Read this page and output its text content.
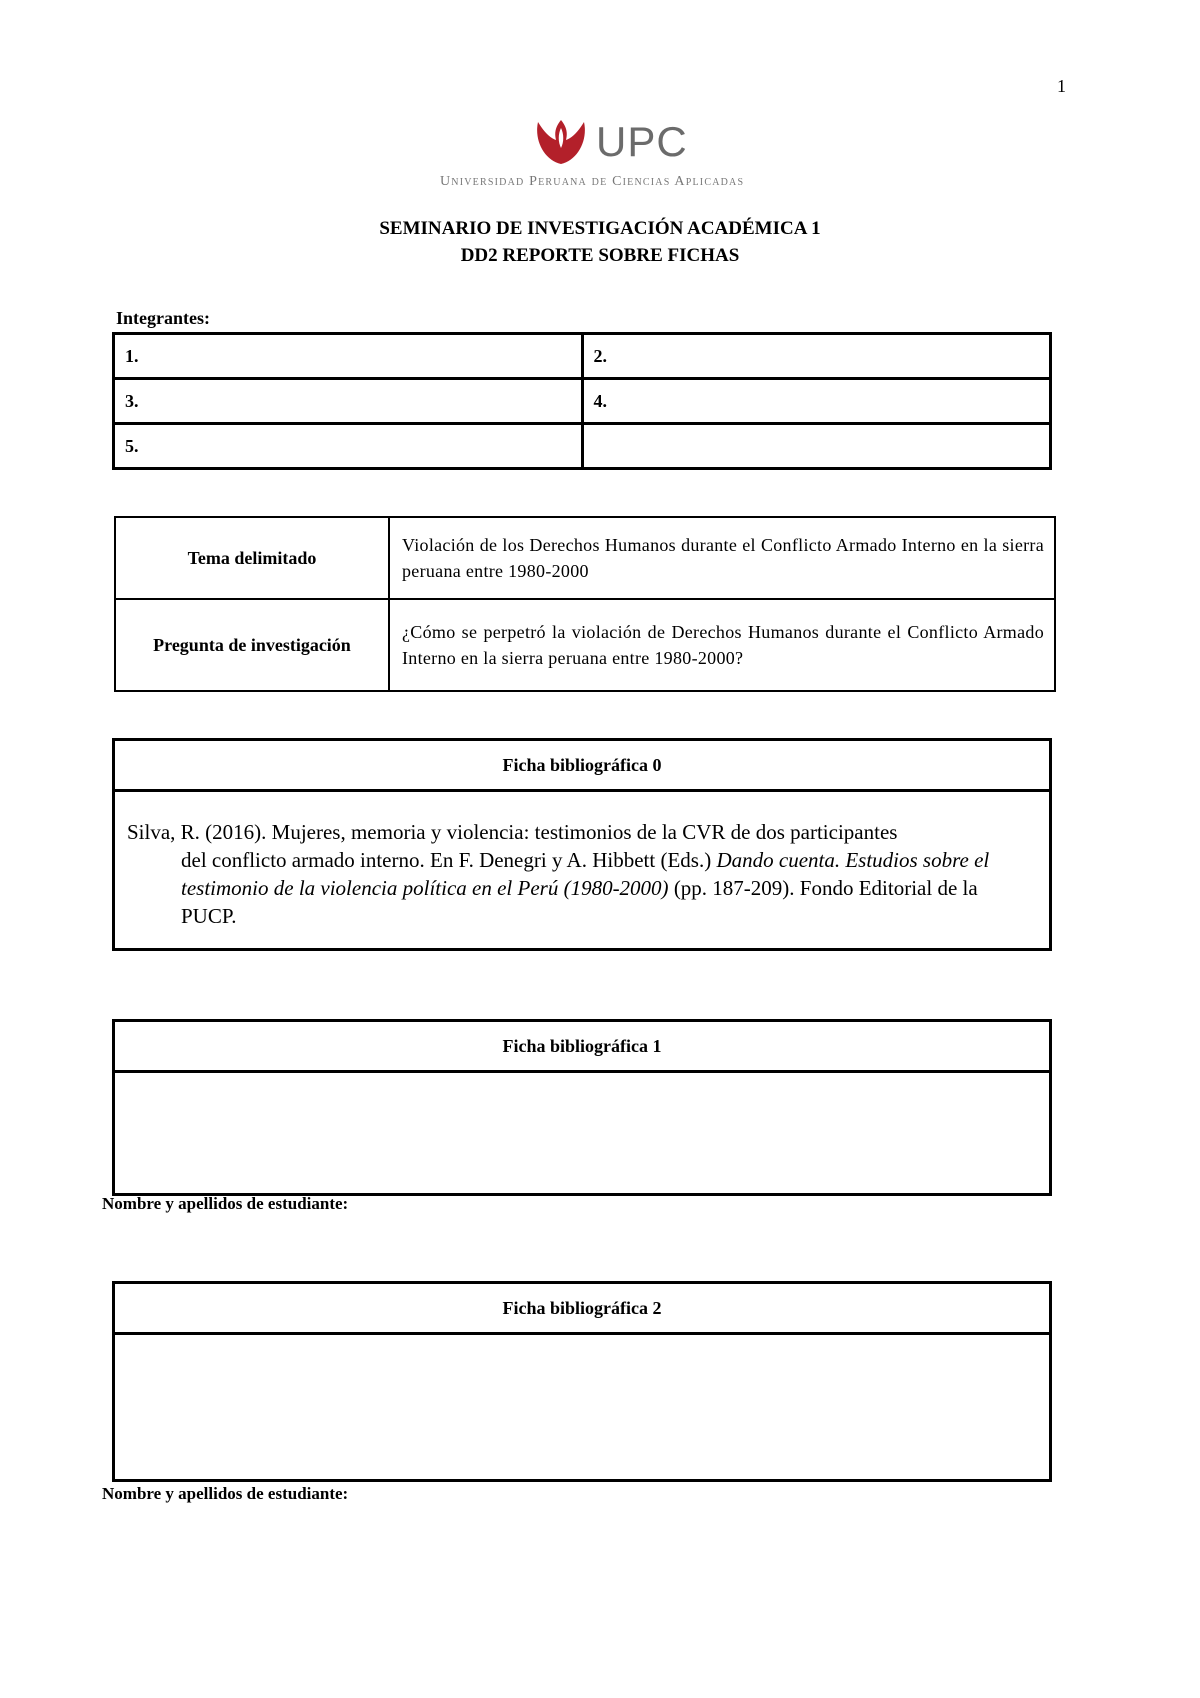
1
UPC
Universidad Peruana de Ciencias Aplicadas
SEMINARIO DE INVESTIGACIÓN ACADÉMICA 1
DD2 REPORTE SOBRE FICHAS
Integrantes:
1.	2.
3.	4.
5.	
Tema delimitado	Violación de los Derechos Humanos durante el Conflicto Armado Interno en la sierra peruana entre 1980-2000
Pregunta de investigación	¿Cómo se perpetró la violación de Derechos Humanos durante el Conflicto Armado Interno en la sierra peruana entre 1980-2000?
Ficha bibliográfica 0
Silva, R. (2016). Mujeres, memoria y violencia: testimonios de la CVR de dos participantes
del conflicto armado interno. En F. Denegri y A. Hibbett (Eds.) Dando cuenta. Estudios sobre el testimonio de la violencia política en el Perú (1980-2000) (pp. 187-209). Fondo Editorial de la PUCP.
Ficha bibliográfica 1

Nombre y apellidos de estudiante:
Ficha bibliográfica 2

Nombre y apellidos de estudiante:
